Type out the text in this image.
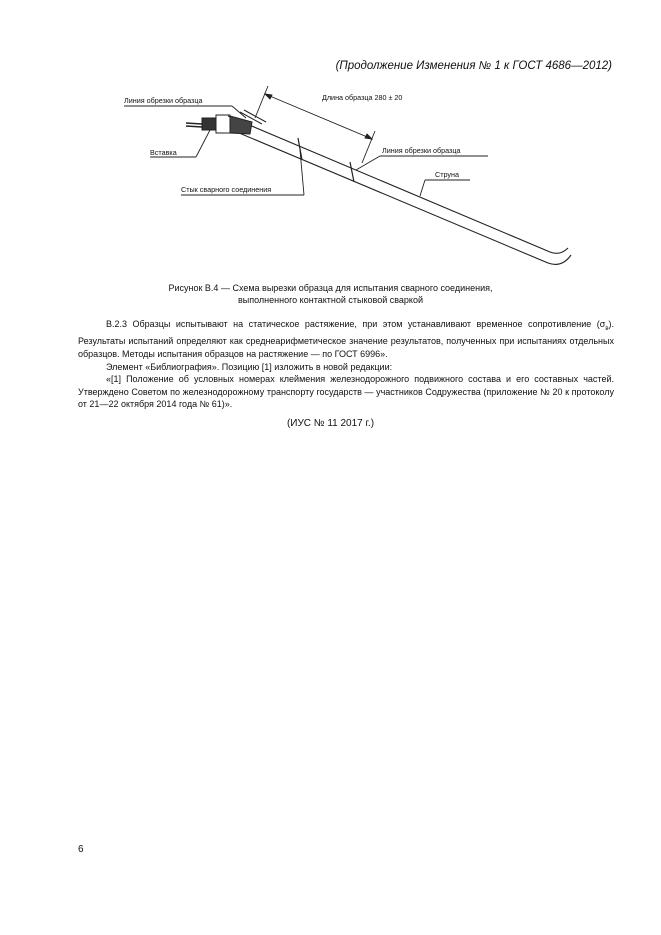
(Продолжение Изменения № 1 к ГОСТ 4686—2012)
Линия обрезки образца	Длина образца 280 ± 20
Вставка	Линия обрезки образца
Стык сварного соединения
Струна
Рисунок В.4 — Схема вырезки образца для испытания сварного соединения,
выполненного контактной стыковой сваркой

В.2.3 Образцы испытывают на статическое растяжение, при этом устанавливают временное сопротивление $(\sigma_в)$. Результаты испытаний определяют как среднеарифметическое значение результатов, полученных при испытаниях отдельных образцов. Методы испытания образцов на растяжение — по ГОСТ 6996».

Элемент «Библиография». Позицию [1] изложить в новой редакции:

«[1] Положение об условных номерах клеймения железнодорожного подвижного состава и его составных частей. Утверждено Советом по железнодорожному транспорту государств — участников Содружества (приложение № 20 к протоколу от 21—22 октября 2014 года № 61)».

(ИУС № 11 2017 г.)
6
